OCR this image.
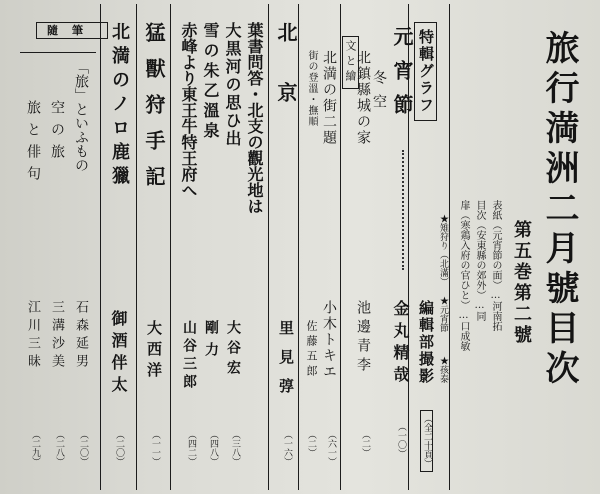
旅行満洲二月號目次
第五巻第二號
表紙（元宵節の面）…河南拓
目次（安東縣の郊外）…同
扉（寒鶏入府の官ひと）…口成敏
特輯グラフ
★雉狩り（北滿）
★元宵節
★孩泰
編輯部撮影
（全二十頁）
元宵節
金丸精哉
（一〇）
文と繪
冬空
北鎮縣城の家
池邊青李
（二）
北満の街二題
小木トキエ
（六一）
街の登溫・撫順
佐藤五郎
（二）
北京
里見弴
（一六）
葉書問答・北支の觀光地は
大黒河の思ひ出
大谷宏
（三八）
雪の朱乙溫泉
剛力
（四八）
赤峰より東王牛特王府へ
山谷三郎
（四二）
猛獸狩手記
大西洋
（一一）
北満のノロ鹿獵
御酒伴太
（二〇）
隨筆
「旅」といふもの
石森延男
（二〇）
空の旅
三溝沙美
（二八）
旅と俳句
江川三昧
（二九）
